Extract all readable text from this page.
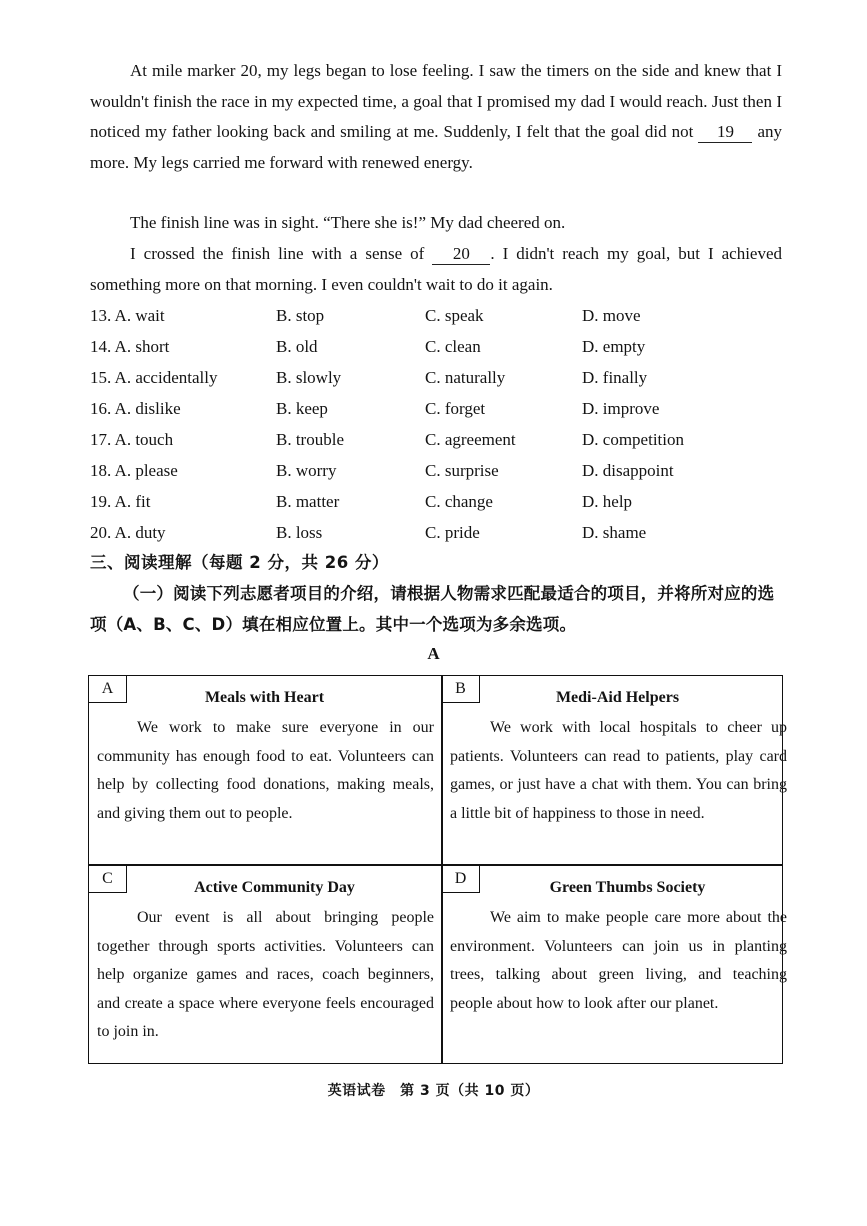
At mile marker 20, my legs began to lose feeling. I saw the timers on the side and knew that I wouldn't finish the race in my expected time, a goal that I promised my dad I would reach. Just then I noticed my father looking back and smiling at me. Suddenly, I felt that the goal did not 19 any more. My legs carried me forward with renewed energy.
The finish line was in sight. “There she is!” My dad cheered on.
I crossed the finish line with a sense of 20 . I didn't reach my goal, but I achieved something more on that morning. I even couldn't wait to do it again.
13. A. wait	B. stop	C. speak	D. move
14. A. short	B. old	C. clean	D. empty
15. A. accidentally	B. slowly	C. naturally	D. finally
16. A. dislike	B. keep	C. forget	D. improve
17. A. touch	B. trouble	C. agreement	D. competition
18. A. please	B. worry	C. surprise	D. disappoint
19. A. fit	B. matter	C. change	D. help
20. A. duty	B. loss	C. pride	D. shame
三、阅读理解（每题 2 分，共 26 分）
（一）阅读下列志愿者项目的介绍，请根据人物需求匹配最适合的项目，并将所对应的选项（A、B、C、D）填在相应位置上。其中一个选项为多余选项。
A
A
Meals with Heart
We work to make sure everyone in our community has enough food to eat. Volunteers can help by collecting food donations, making meals, and giving them out to people.
B
Medi-Aid Helpers
We work with local hospitals to cheer up patients. Volunteers can read to patients, play card games, or just have a chat with them. You can bring a little bit of happiness to those in need.
C
Active Community Day
Our event is all about bringing people together through sports activities. Volunteers can help organize games and races, coach beginners, and create a space where everyone feels encouraged to join in.
D
Green Thumbs Society
We aim to make people care more about the environment. Volunteers can join us in planting trees, talking about green living, and teaching people about how to look after our planet.
英语试卷　第 3 页（共 10 页）
